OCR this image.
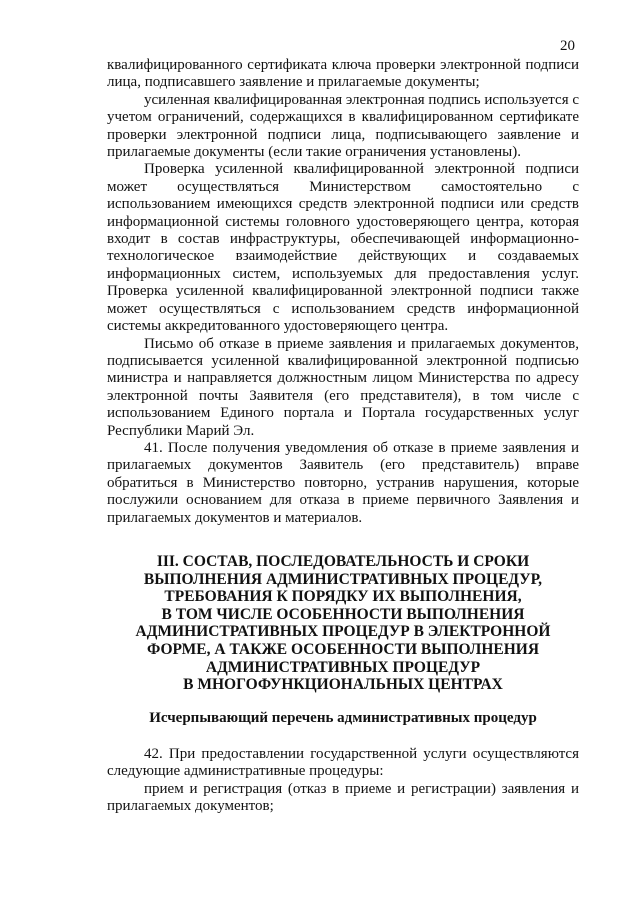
20

квалифицированного сертификата ключа проверки электронной подписи лица, подписавшего заявление и прилагаемые документы;

усиленная квалифицированная электронная подпись используется с учетом ограничений, содержащихся в квалифицированном сертификате проверки электронной подписи лица, подписывающего заявление и прилагаемые документы (если такие ограничения установлены).

Проверка усиленной квалифицированной электронной подписи может осуществляться Министерством самостоятельно с использованием имеющихся средств электронной подписи или средств информационной системы головного удостоверяющего центра, которая входит в состав инфраструктуры, обеспечивающей информационно-технологическое взаимодействие действующих и создаваемых информационных систем, используемых для предоставления услуг. Проверка усиленной квалифицированной электронной подписи также может осуществляться с использованием средств информационной системы аккредитованного удостоверяющего центра.

Письмо об отказе в приеме заявления и прилагаемых документов, подписывается усиленной квалифицированной электронной подписью министра и направляется должностным лицом Министерства по адресу электронной почты Заявителя (его представителя), в том числе с использованием Единого портала и Портала государственных услуг Республики Марий Эл.

41. После получения уведомления об отказе в приеме заявления и прилагаемых документов Заявитель (его представитель) вправе обратиться в Министерство повторно, устранив нарушения, которые послужили основанием для отказа в приеме первичного Заявления и прилагаемых документов и материалов.

III. СОСТАВ, ПОСЛЕДОВАТЕЛЬНОСТЬ И СРОКИ
ВЫПОЛНЕНИЯ АДМИНИСТРАТИВНЫХ ПРОЦЕДУР,
ТРЕБОВАНИЯ К ПОРЯДКУ ИХ ВЫПОЛНЕНИЯ,
В ТОМ ЧИСЛЕ ОСОБЕННОСТИ ВЫПОЛНЕНИЯ
АДМИНИСТРАТИВНЫХ ПРОЦЕДУР В ЭЛЕКТРОННОЙ
ФОРМЕ, А ТАКЖЕ ОСОБЕННОСТИ ВЫПОЛНЕНИЯ
АДМИНИСТРАТИВНЫХ ПРОЦЕДУР
В МНОГОФУНКЦИОНАЛЬНЫХ ЦЕНТРАХ
Исчерпывающий перечень административных процедур

42. При предоставлении государственной услуги осуществляются следующие административные процедуры:

прием и регистрация (отказ в приеме и регистрации) заявления и прилагаемых документов;
